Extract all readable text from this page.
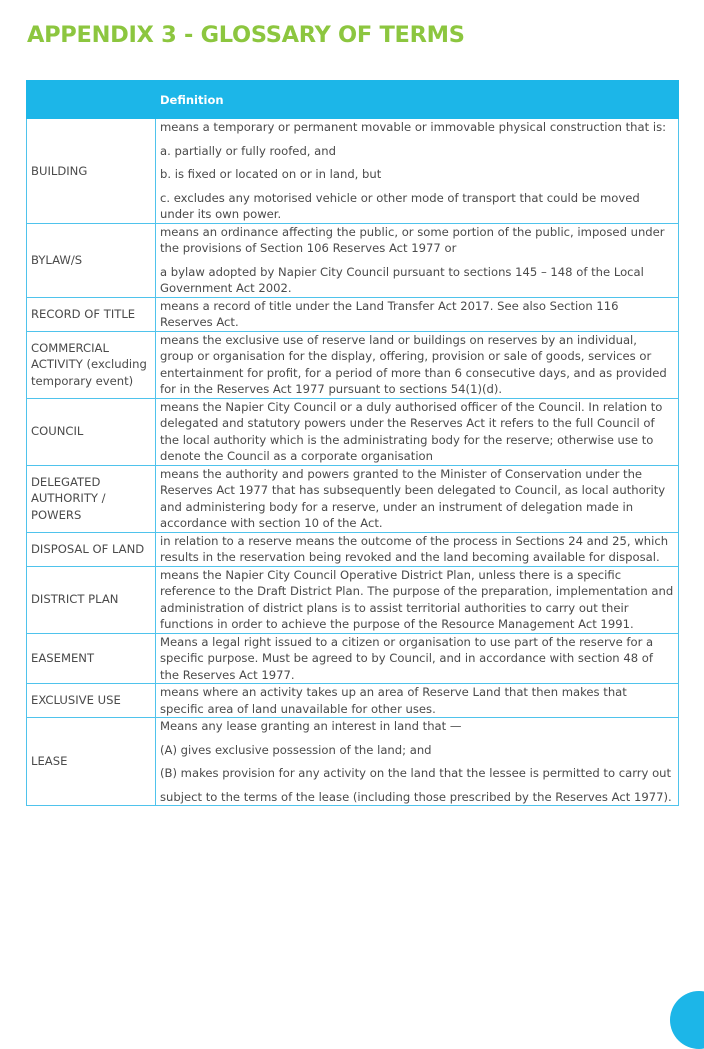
APPENDIX 3 - GLOSSARY OF TERMS
	Definition
BUILDING	means a temporary or permanent movable or immovable physical construction that is:

a. partially or fully roofed, and

b. is fixed or located on or in land, but

c. excludes any motorised vehicle or other mode of transport that could be moved under its own power.

BYLAW/S	means an ordinance affecting the public, or some portion of the public, imposed under the provisions of Section 106 Reserves Act 1977 or

a bylaw adopted by Napier City Council pursuant to sections 145 – 148 of the Local Government Act 2002.

RECORD OF TITLE	means a record of title under the Land Transfer Act 2017. See also Section 116 Reserves Act.

COMMERCIAL ACTIVITY (excluding temporary event)	means the exclusive use of reserve land or buildings on reserves by an individual, group or organisation for the display, offering, provision or sale of goods, services or entertainment for profit, for a period of more than 6 consecutive days, and as provided for in the Reserves Act 1977 pursuant to sections 54(1)(d).

COUNCIL	means the Napier City Council or a duly authorised officer of the Council. In relation to delegated and statutory powers under the Reserves Act it refers to the full Council of the local authority which is the administrating body for the reserve; otherwise use to denote the Council as a corporate organisation

DELEGATED AUTHORITY / POWERS	means the authority and powers granted to the Minister of Conservation under the Reserves Act 1977 that has subsequently been delegated to Council, as local authority and administering body for a reserve, under an instrument of delegation made in accordance with section 10 of the Act.

DISPOSAL OF LAND	in relation to a reserve means the outcome of the process in Sections 24 and 25, which results in the reservation being revoked and the land becoming available for disposal.

DISTRICT PLAN	means the Napier City Council Operative District Plan, unless there is a specific reference to the Draft District Plan. The purpose of the preparation, implementation and administration of district plans is to assist territorial authorities to carry out their functions in order to achieve the purpose of the Resource Management Act 1991.

EASEMENT	Means a legal right issued to a citizen or organisation to use part of the reserve for a specific purpose. Must be agreed to by Council, and in accordance with section 48 of the Reserves Act 1977.

EXCLUSIVE USE	means where an activity takes up an area of Reserve Land that then makes that specific area of land unavailable for other uses.

LEASE	Means any lease granting an interest in land that —

(A) gives exclusive possession of the land; and

(B) makes provision for any activity on the land that the lessee is permitted to carry out

subject to the terms of the lease (including those prescribed by the Reserves Act 1977).
